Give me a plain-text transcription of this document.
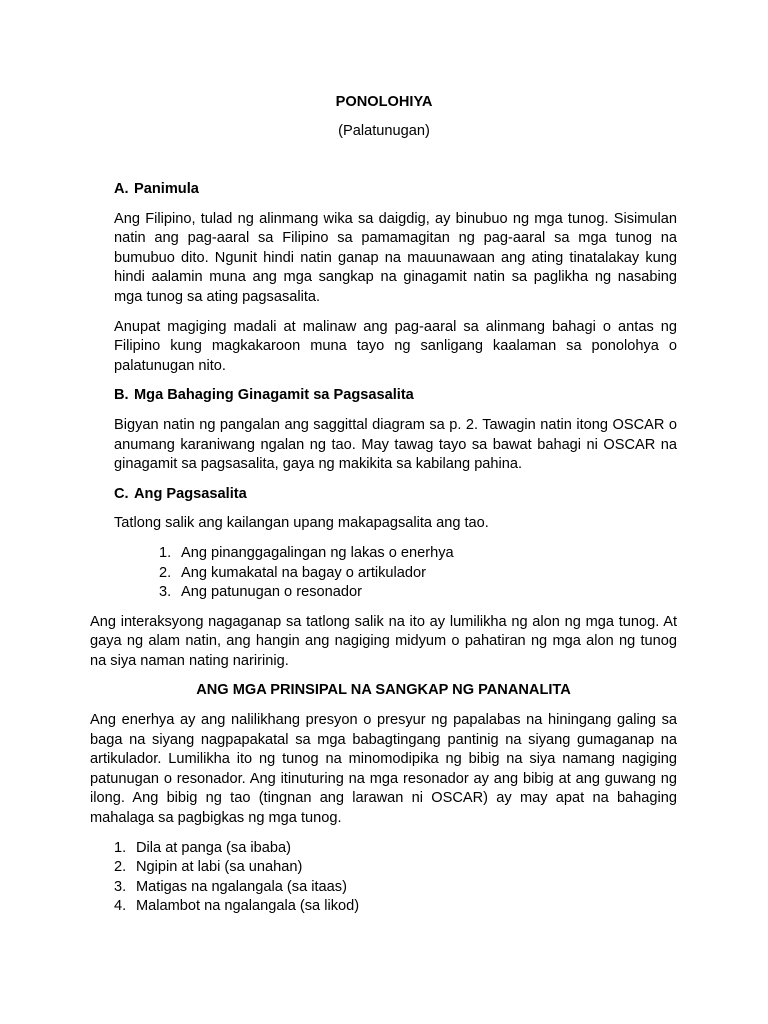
PONOLOHIYA

(Palatunugan)

A. Panimula

Ang Filipino, tulad ng alinmang wika sa daigdig, ay binubuo ng mga tunog. Sisimulan natin ang pag-aaral sa Filipino sa pamamagitan ng pag-aaral sa mga tunog na bumubuo dito. Ngunit hindi natin ganap na mauunawaan ang ating tinatalakay kung hindi aalamin muna ang mga sangkap na ginagamit natin sa paglikha ng nasabing mga tunog sa ating pagsasalita.

Anupat magiging madali at malinaw ang pag-aaral sa alinmang bahagi o antas ng Filipino kung magkakaroon muna tayo ng sanligang kaalaman sa ponolohya o palatunugan nito.

B. Mga Bahaging Ginagamit sa Pagsasalita

Bigyan natin ng pangalan ang saggittal diagram sa p. 2. Tawagin natin itong OSCAR o anumang karaniwang ngalan ng tao. May tawag tayo sa bawat bahagi ni OSCAR na ginagamit sa pagsasalita, gaya ng makikita sa kabilang pahina.

C. Ang Pagsasalita

Tatlong salik ang kailangan upang makapagsalita ang tao.

1. Ang pinanggagalingan ng lakas o enerhya
2. Ang kumakatal na bagay o artikulador
3. Ang patunugan o resonador

Ang interaksyong nagaganap sa tatlong salik na ito ay lumilikha ng alon ng mga tunog. At gaya ng alam natin, ang hangin ang nagiging midyum o pahatiran ng mga alon ng tunog na siya naman nating naririnig.

ANG MGA PRINSIPAL NA SANGKAP NG PANANALITA

Ang enerhya ay ang nalilikhang presyon o presyur ng papalabas na hiningang galing sa baga na siyang nagpapakatal sa mga babagtingang pantinig na siyang gumaganap na artikulador. Lumilikha ito ng tunog na minomodipika ng bibig na siya namang nagiging patunugan o resonador. Ang itinuturing na mga resonador ay ang bibig at ang guwang ng ilong. Ang bibig ng tao (tingnan ang larawan ni OSCAR) ay may apat na bahaging mahalaga sa pagbigkas ng mga tunog.

1. Dila at panga (sa ibaba)
2. Ngipin at labi (sa unahan)
3. Matigas na ngalangala (sa itaas)
4. Malambot na ngalangala (sa likod)
